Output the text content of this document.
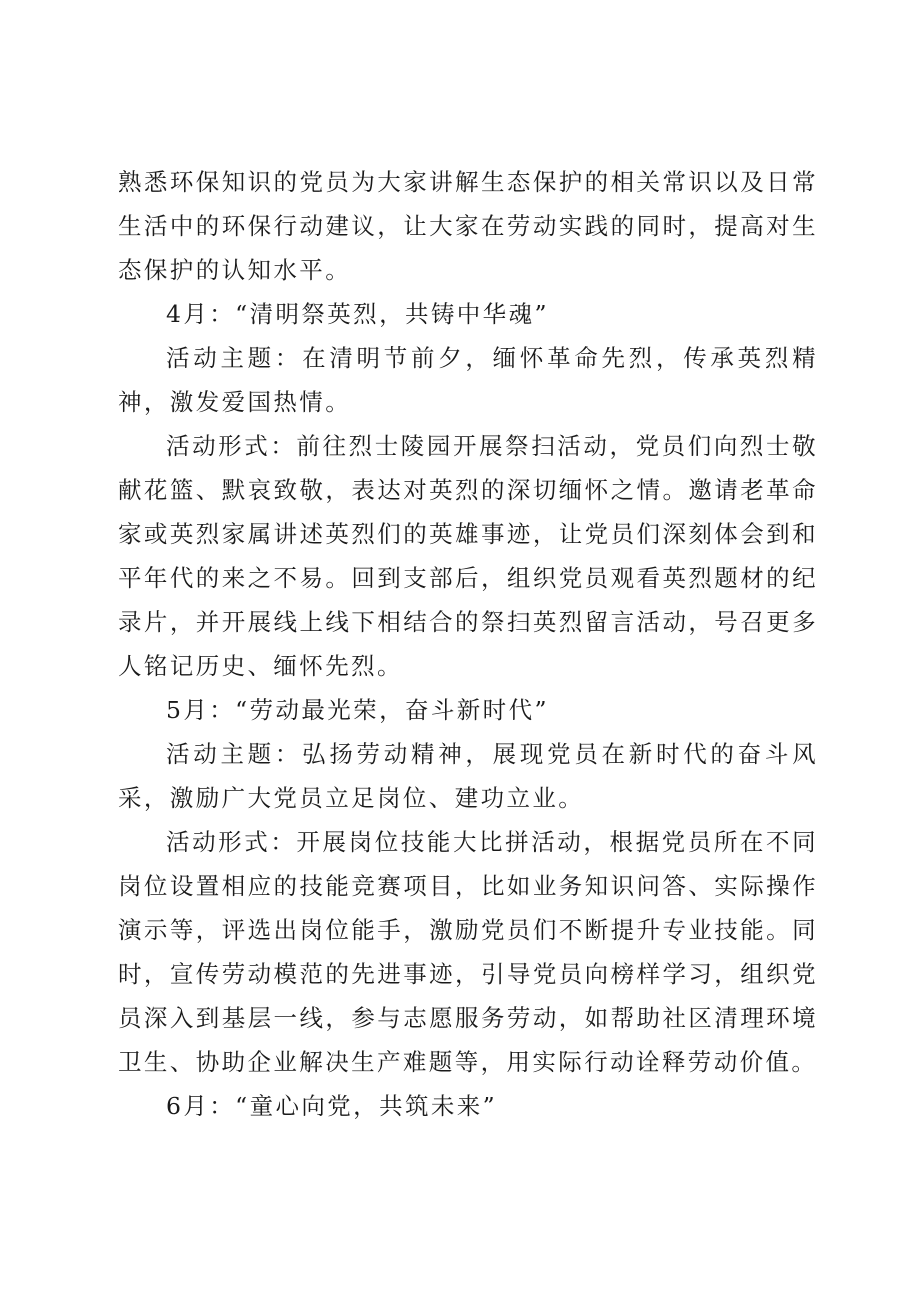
熟悉环保知识的党员为大家讲解生态保护的相关常识以及日常生活中的环保行动建议，让大家在劳动实践的同时，提高对生态保护的认知水平。

4月：“清明祭英烈，共铸中华魂”

活动主题：在清明节前夕，缅怀革命先烈，传承英烈精神，激发爱国热情。

活动形式：前往烈士陵园开展祭扫活动，党员们向烈士敬献花篮、默哀致敬，表达对英烈的深切缅怀之情。邀请老革命家或英烈家属讲述英烈们的英雄事迹，让党员们深刻体会到和平年代的来之不易。回到支部后，组织党员观看英烈题材的纪录片，并开展线上线下相结合的祭扫英烈留言活动，号召更多人铭记历史、缅怀先烈。

5月：“劳动最光荣，奋斗新时代”

活动主题：弘扬劳动精神，展现党员在新时代的奋斗风采，激励广大党员立足岗位、建功立业。

活动形式：开展岗位技能大比拼活动，根据党员所在不同岗位设置相应的技能竞赛项目，比如业务知识问答、实际操作演示等，评选出岗位能手，激励党员们不断提升专业技能。同时，宣传劳动模范的先进事迹，引导党员向榜样学习，组织党员深入到基层一线，参与志愿服务劳动，如帮助社区清理环境卫生、协助企业解决生产难题等，用实际行动诠释劳动价值。

6月：“童心向党，共筑未来”
